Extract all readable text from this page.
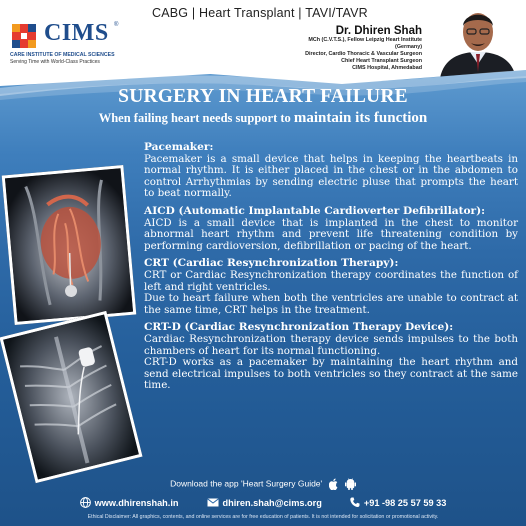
CIMS ®
CARE INSTITUTE OF MEDICAL SCIENCES
Serving Time with World-Class Practices
CABG | Heart Transplant | TAVI/TAVR
Dr. Dhiren Shah
MCh (C.V.T.S.), Fellow Leipzig Heart Institute
(Germany)
Director, Cardio Thoracic & Vascular Surgeon
Chief Heart Transplant Surgeon
CIMS Hospital, Ahmedabad
SURGERY IN HEART FAILURE
When failing heart needs support to maintain its function

Pacemaker:

Pacemaker is a small device that helps in keeping the heartbeats in normal rhythm. It is either placed in the chest or in the abdomen to control Arrhythmias by sending electric pluse that prompts the heart to beat normally.

AICD (Automatic Implantable Cardioverter Defibrillator):

AICD is a small device that is implanted in the chest to monitor abnormal heart rhythm and prevent life threatening condition by performing cardioversion, defibrillation or pacing of the heart.

CRT (Cardiac Resynchronization Therapy):

CRT or Cardiac Resynchronization therapy coordinates the function of left and right ventricles.

Due to heart failure when both the ventricles are unable to contract at the same time, CRT helps in the treatment.

CRT-D (Cardiac Resynchronization Therapy Device):

Cardiac Resynchronization therapy device sends impulses to the both chambers of heart for its normal functioning.

CRT-D works as a pacemaker by maintaining the heart rhythm and send electrical impulses to both ventricles so they contract at the same time.

Download the app 'Heart Surgery Guide'
www.dhirenshah.in	dhiren.shah@cims.org	+91 -98 25 57 59 33
Ethical Disclaimer: All graphics, contents, and online services are for free education of patients. It is not intended for solicitation or promotional activity.
